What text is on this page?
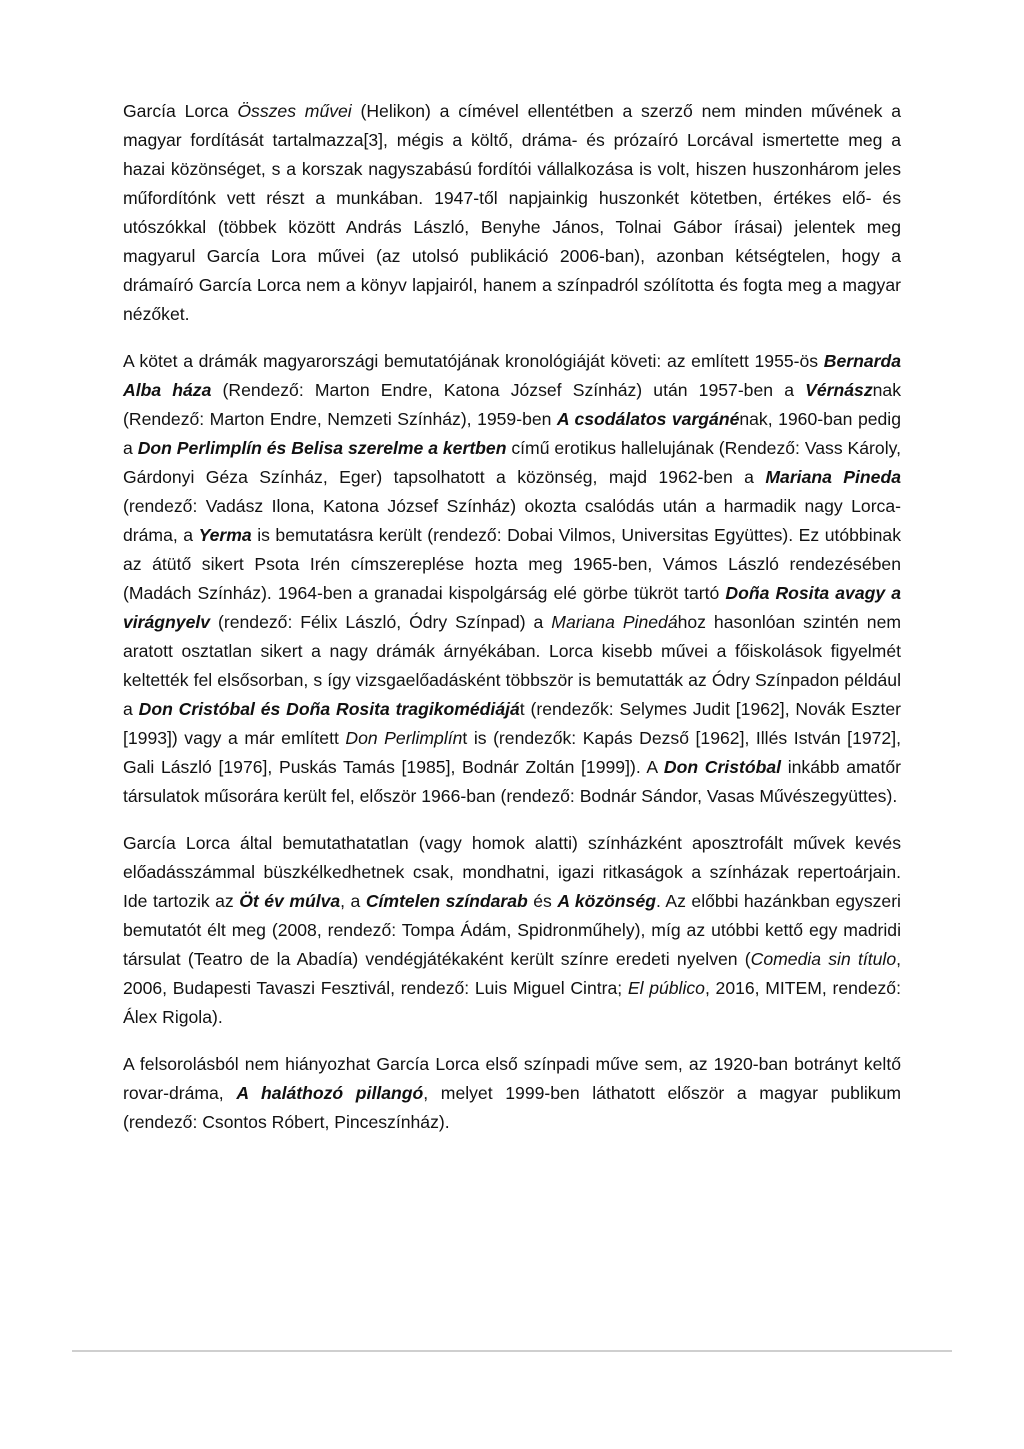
García Lorca Összes művei (Helikon) a címével ellentétben a szerző nem minden művének a magyar fordítását tartalmazza[3], mégis a költő, dráma- és prózaíró Lorcával ismertette meg a hazai közönséget, s a korszak nagyszabású fordítói vállalkozása is volt, hiszen huszonhárom jeles műfordítónk vett részt a munkában. 1947-től napjainkig huszonkét kötetben, értékes elő- és utószókkal (többek között András László, Benyhe János, Tolnai Gábor írásai) jelentek meg magyarul García Lora művei (az utolsó publikáció 2006-ban), azonban kétségtelen, hogy a drámaíró García Lorca nem a könyv lapjairól, hanem a színpadról szólította és fogta meg a magyar nézőket.

A kötet a drámák magyarországi bemutatójának kronológiáját követi: az említett 1955-ös Bernarda Alba háza (Rendező: Marton Endre, Katona József Színház) után 1957-ben a Vérnásznak (Rendező: Marton Endre, Nemzeti Színház), 1959-ben A csodálatos vargánénak, 1960-ban pedig a Don Perlimplín és Belisa szerelme a kertben című erotikus hallelujának (Rendező: Vass Károly, Gárdonyi Géza Színház, Eger) tapsolhatott a közönség, majd 1962-ben a Mariana Pineda (rendező: Vadász Ilona, Katona József Színház) okozta csalódás után a harmadik nagy Lorca-dráma, a Yerma is bemutatásra került (rendező: Dobai Vilmos, Universitas Együttes). Ez utóbbinak az átütő sikert Psota Irén címszereplése hozta meg 1965-ben, Vámos László rendezésében (Madách Színház). 1964-ben a granadai kispolgárság elé görbe tükröt tartó Doña Rosita avagy a virágnyelv (rendező: Félix László, Ódry Színpad) a Mariana Pinedához hasonlóan szintén nem aratott osztatlan sikert a nagy drámák árnyékában. Lorca kisebb művei a főiskolások figyelmét keltették fel elsősorban, s így vizsgaelőadásként többször is bemutatták az Ódry Színpadon például a Don Cristóbal és Doña Rosita tragikomédiáját (rendezők: Selymes Judit [1962], Novák Eszter [1993]) vagy a már említett Don Perlimplínt is (rendezők: Kapás Dezső [1962], Illés István [1972], Gali László [1976], Puskás Tamás [1985], Bodnár Zoltán [1999]). A Don Cristóbal inkább amatőr társulatok műsorára került fel, először 1966-ban (rendező: Bodnár Sándor, Vasas Művészegyüttes).

García Lorca által bemutathatatlan (vagy homok alatti) színházként aposztrofált művek kevés előadásszámmal büszkélkedhetnek csak, mondhatni, igazi ritkaságok a színházak repertoárjain. Ide tartozik az Öt év múlva, a Címtelen színdarab és A közönség. Az előbbi hazánkban egyszeri bemutatót élt meg (2008, rendező: Tompa Ádám, Spidronműhely), míg az utóbbi kettő egy madridi társulat (Teatro de la Abadía) vendégjátékaként került színre eredeti nyelven (Comedia sin título, 2006, Budapesti Tavaszi Fesztivál, rendező: Luis Miguel Cintra; El público, 2016, MITEM, rendező: Álex Rigola).

A felsorolásból nem hiányozhat García Lorca első színpadi műve sem, az 1920-ban botrányt keltő rovar-dráma, A haláthozó pillangó, melyet 1999-ben láthatott először a magyar publikum (rendező: Csontos Róbert, Pinceszínház).
